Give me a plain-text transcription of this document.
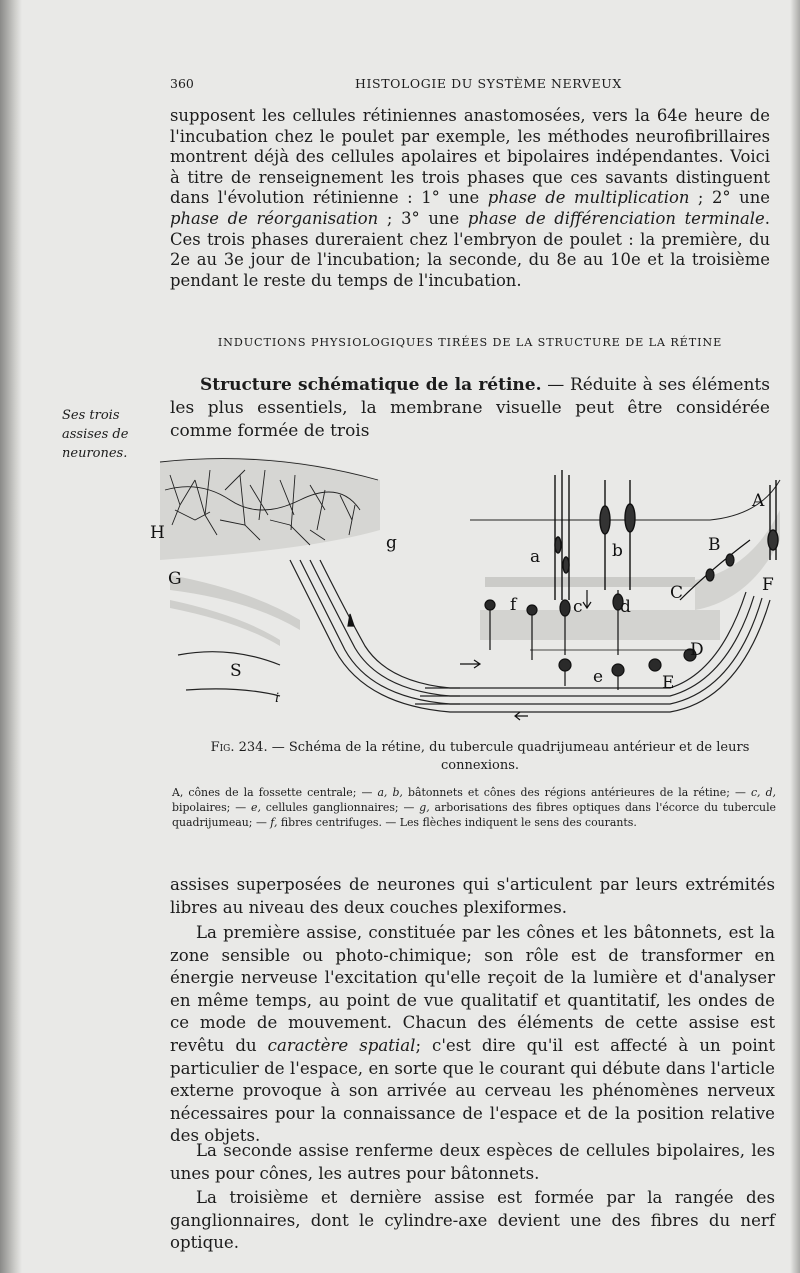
360	HISTOLOGIE DU SYSTÈME NERVEUX

supposent les cellules rétiniennes anastomosées, vers la 64e heure de l'incubation chez le poulet par exemple, les méthodes neurofibrillaires montrent déjà des cellules apolaires et bipolaires indépendantes. Voici à titre de renseignement les trois phases que ces savants distinguent dans l'évolution rétinienne : 1° une phase de multiplication ; 2° une phase de réorganisation ; 3° une phase de différenciation terminale. Ces trois phases dureraient chez l'embryon de poulet : la première, du 2e au 3e jour de l'incubation; la seconde, du 8e au 10e et la troisième pendant le reste du temps de l'incubation.

INDUCTIONS PHYSIOLOGIQUES TIRÉES DE LA STRUCTURE DE LA RÉTINE
Ses trois assises de neurones.

Structure schématique de la rétine. — Réduite à ses éléments les plus essentiels, la membrane visuelle peut être considérée comme formée de trois

H
G
S
g
a	b
c d
e
f
A
B
C
D
E
F
i
Fig. 234. — Schéma de la rétine, du tubercule quadrijumeau antérieur et de leurs connexions.
A, cônes de la fossette centrale; — a, b, bâtonnets et cônes des régions antérieures de la rétine; — c, d, bipolaires; — e, cellules ganglionnaires; — g, arborisations des fibres optiques dans l'écorce du tubercule quadrijumeau; — f, fibres centrifuges. — Les flèches indiquent le sens des courants.

assises superposées de neurones qui s'articulent par leurs extrémités libres au niveau des deux couches plexiformes.

La première assise, constituée par les cônes et les bâtonnets, est la zone sensible ou photo-chimique; son rôle est de transformer en énergie nerveuse l'excitation qu'elle reçoit de la lumière et d'analyser en même temps, au point de vue qualitatif et quantitatif, les ondes de ce mode de mouvement. Chacun des éléments de cette assise est revêtu du caractère spatial; c'est dire qu'il est affecté à un point particulier de l'espace, en sorte que le courant qui débute dans l'article externe provoque à son arrivée au cerveau les phénomènes nerveux nécessaires pour la connaissance de l'espace et de la position relative des objets.

La seconde assise renferme deux espèces de cellules bipolaires, les unes pour cônes, les autres pour bâtonnets.

La troisième et dernière assise est formée par la rangée des ganglionnaires, dont le cylindre-axe devient une des fibres du nerf optique.
